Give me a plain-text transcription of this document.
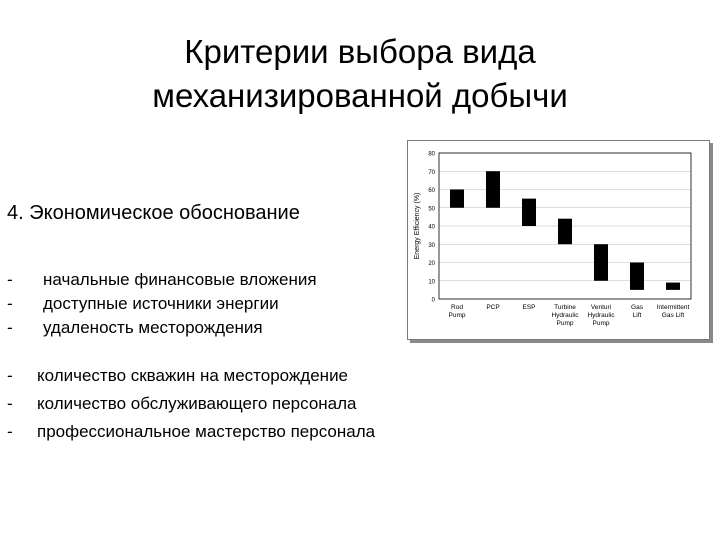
Критерии выбора вида
механизированной добычи
4. Экономическое обоснование
- начальные финансовые вложения
- доступные источники энергии
- удаленость месторождения
- количество скважин на месторождение
- количество обслуживающего персонала
- профессиональное мастерство персонала
0
10
20
30
40
50
60
70
80
Energy Efficiency (%)
Rod Pump
PCP	ESP	Turbine Hydraulic Pump
Venturi Hydraulic Pump
Gas Lift
Intermittent Gas Lift
